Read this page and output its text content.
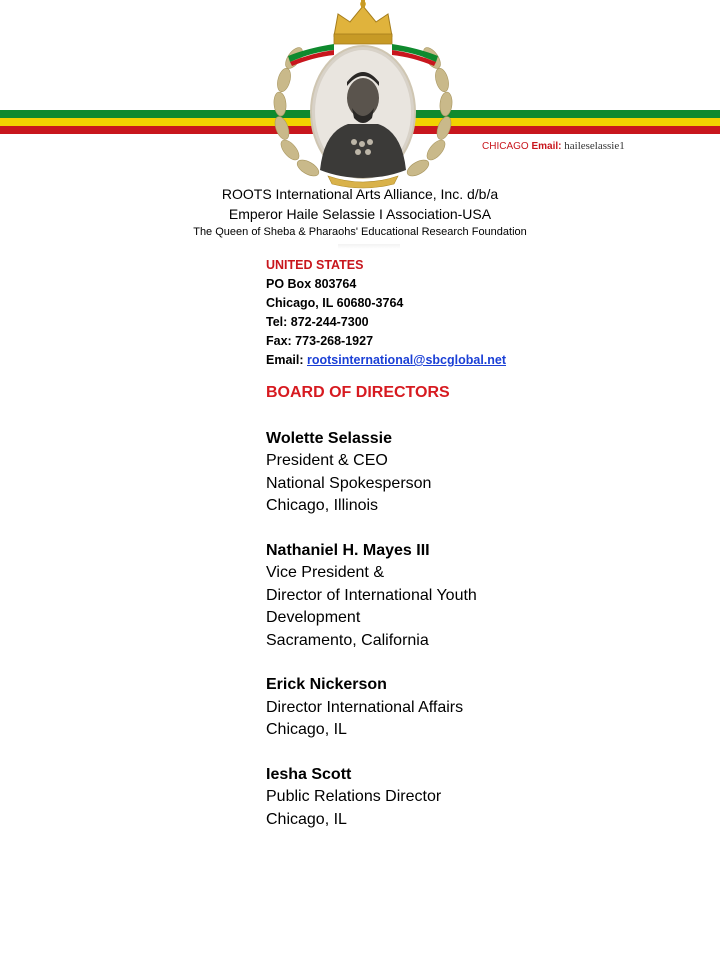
CHICAGO Email: haileselassie1
ROOTS International Arts Alliance, Inc. d/b/a
Emperor Haile Selassie I Association-USA
The Queen of Sheba & Pharaohs' Educational Research Foundation
UNITED STATES
PO Box 803764
Chicago, IL 60680-3764
Tel: 872-244-7300
Fax: 773-268-1927
Email: rootsinternational@sbcglobal.net
BOARD OF DIRECTORS
Wolette Selassie
President & CEO
National Spokesperson
Chicago, Illinois
Nathaniel H. Mayes III
Vice President &
Director of International Youth
Development
Sacramento, California
Erick Nickerson
Director International Affairs
Chicago, IL
Iesha Scott
Public Relations Director
Chicago, IL
